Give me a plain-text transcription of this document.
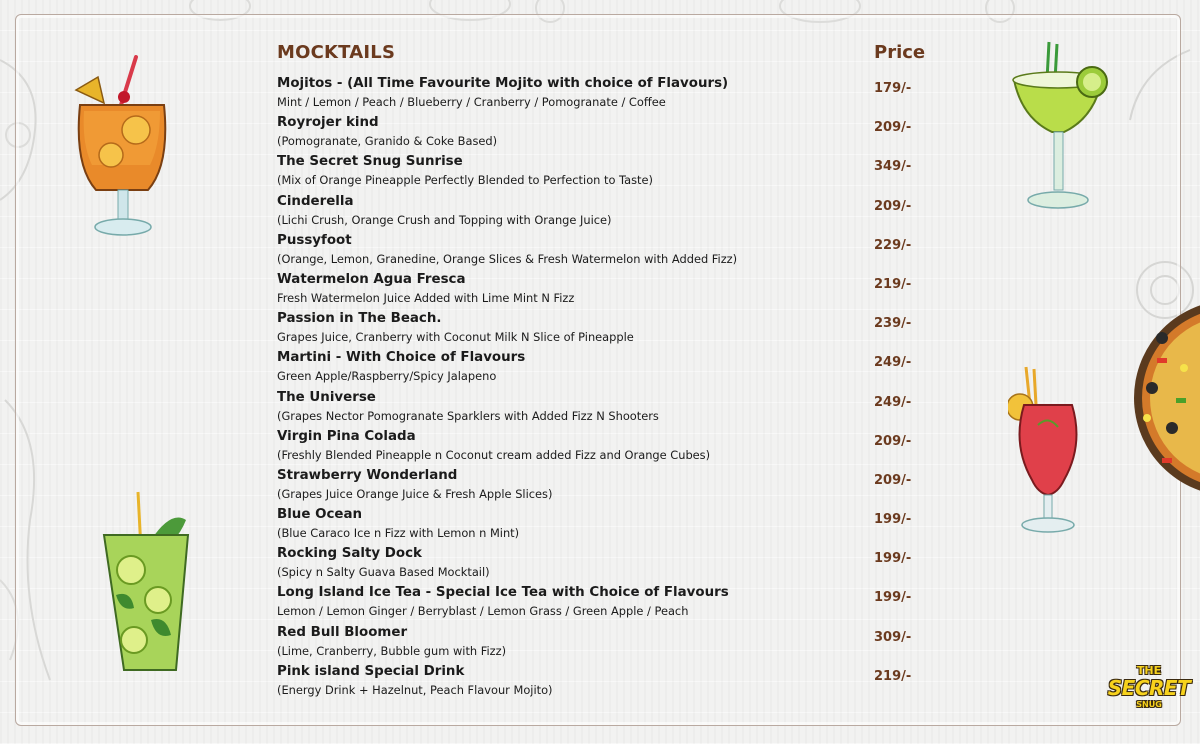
MOCKTAILS	Price
Mojitos - (All Time Favourite Mojito with choice of Flavours)
Mint / Lemon / Peach / Blueberry / Cranberry / Pomogranate / Coffee
179/-
Royrojer kind
(Pomogranate, Granido & Coke Based)
209/-
The Secret Snug Sunrise
(Mix of Orange Pineapple Perfectly Blended to Perfection to Taste)
349/-
Cinderella
(Lichi Crush, Orange Crush and Topping with Orange Juice)
209/-
Pussyfoot
(Orange, Lemon, Granedine, Orange Slices & Fresh Watermelon with Added Fizz)
229/-
Watermelon Agua Fresca
Fresh Watermelon Juice Added with Lime Mint N Fizz
219/-
Passion in The Beach.
Grapes Juice, Cranberry with Coconut Milk N Slice of Pineapple
239/-
Martini - With Choice of Flavours
Green Apple/Raspberry/Spicy Jalapeno
249/-
The Universe
(Grapes Nector Pomogranate Sparklers with Added Fizz N Shooters
249/-
Virgin Pina Colada
(Freshly Blended Pineapple n Coconut cream added Fizz and Orange Cubes)
209/-
Strawberry Wonderland
(Grapes Juice Orange Juice & Fresh Apple Slices)
209/-
Blue Ocean
(Blue Caraco Ice n Fizz with Lemon n Mint)
199/-
Rocking Salty Dock
(Spicy n Salty Guava Based Mocktail)
199/-
Long Island Ice Tea - Special Ice Tea with Choice of Flavours
Lemon / Lemon Ginger / Berryblast / Lemon Grass / Green Apple / Peach
199/-
Red Bull Bloomer
(Lime, Cranberry, Bubble gum with Fizz)
309/-
Pink island Special Drink
(Energy Drink + Hazelnut, Peach Flavour Mojito)
219/-	THE
SECRET
SNUG
